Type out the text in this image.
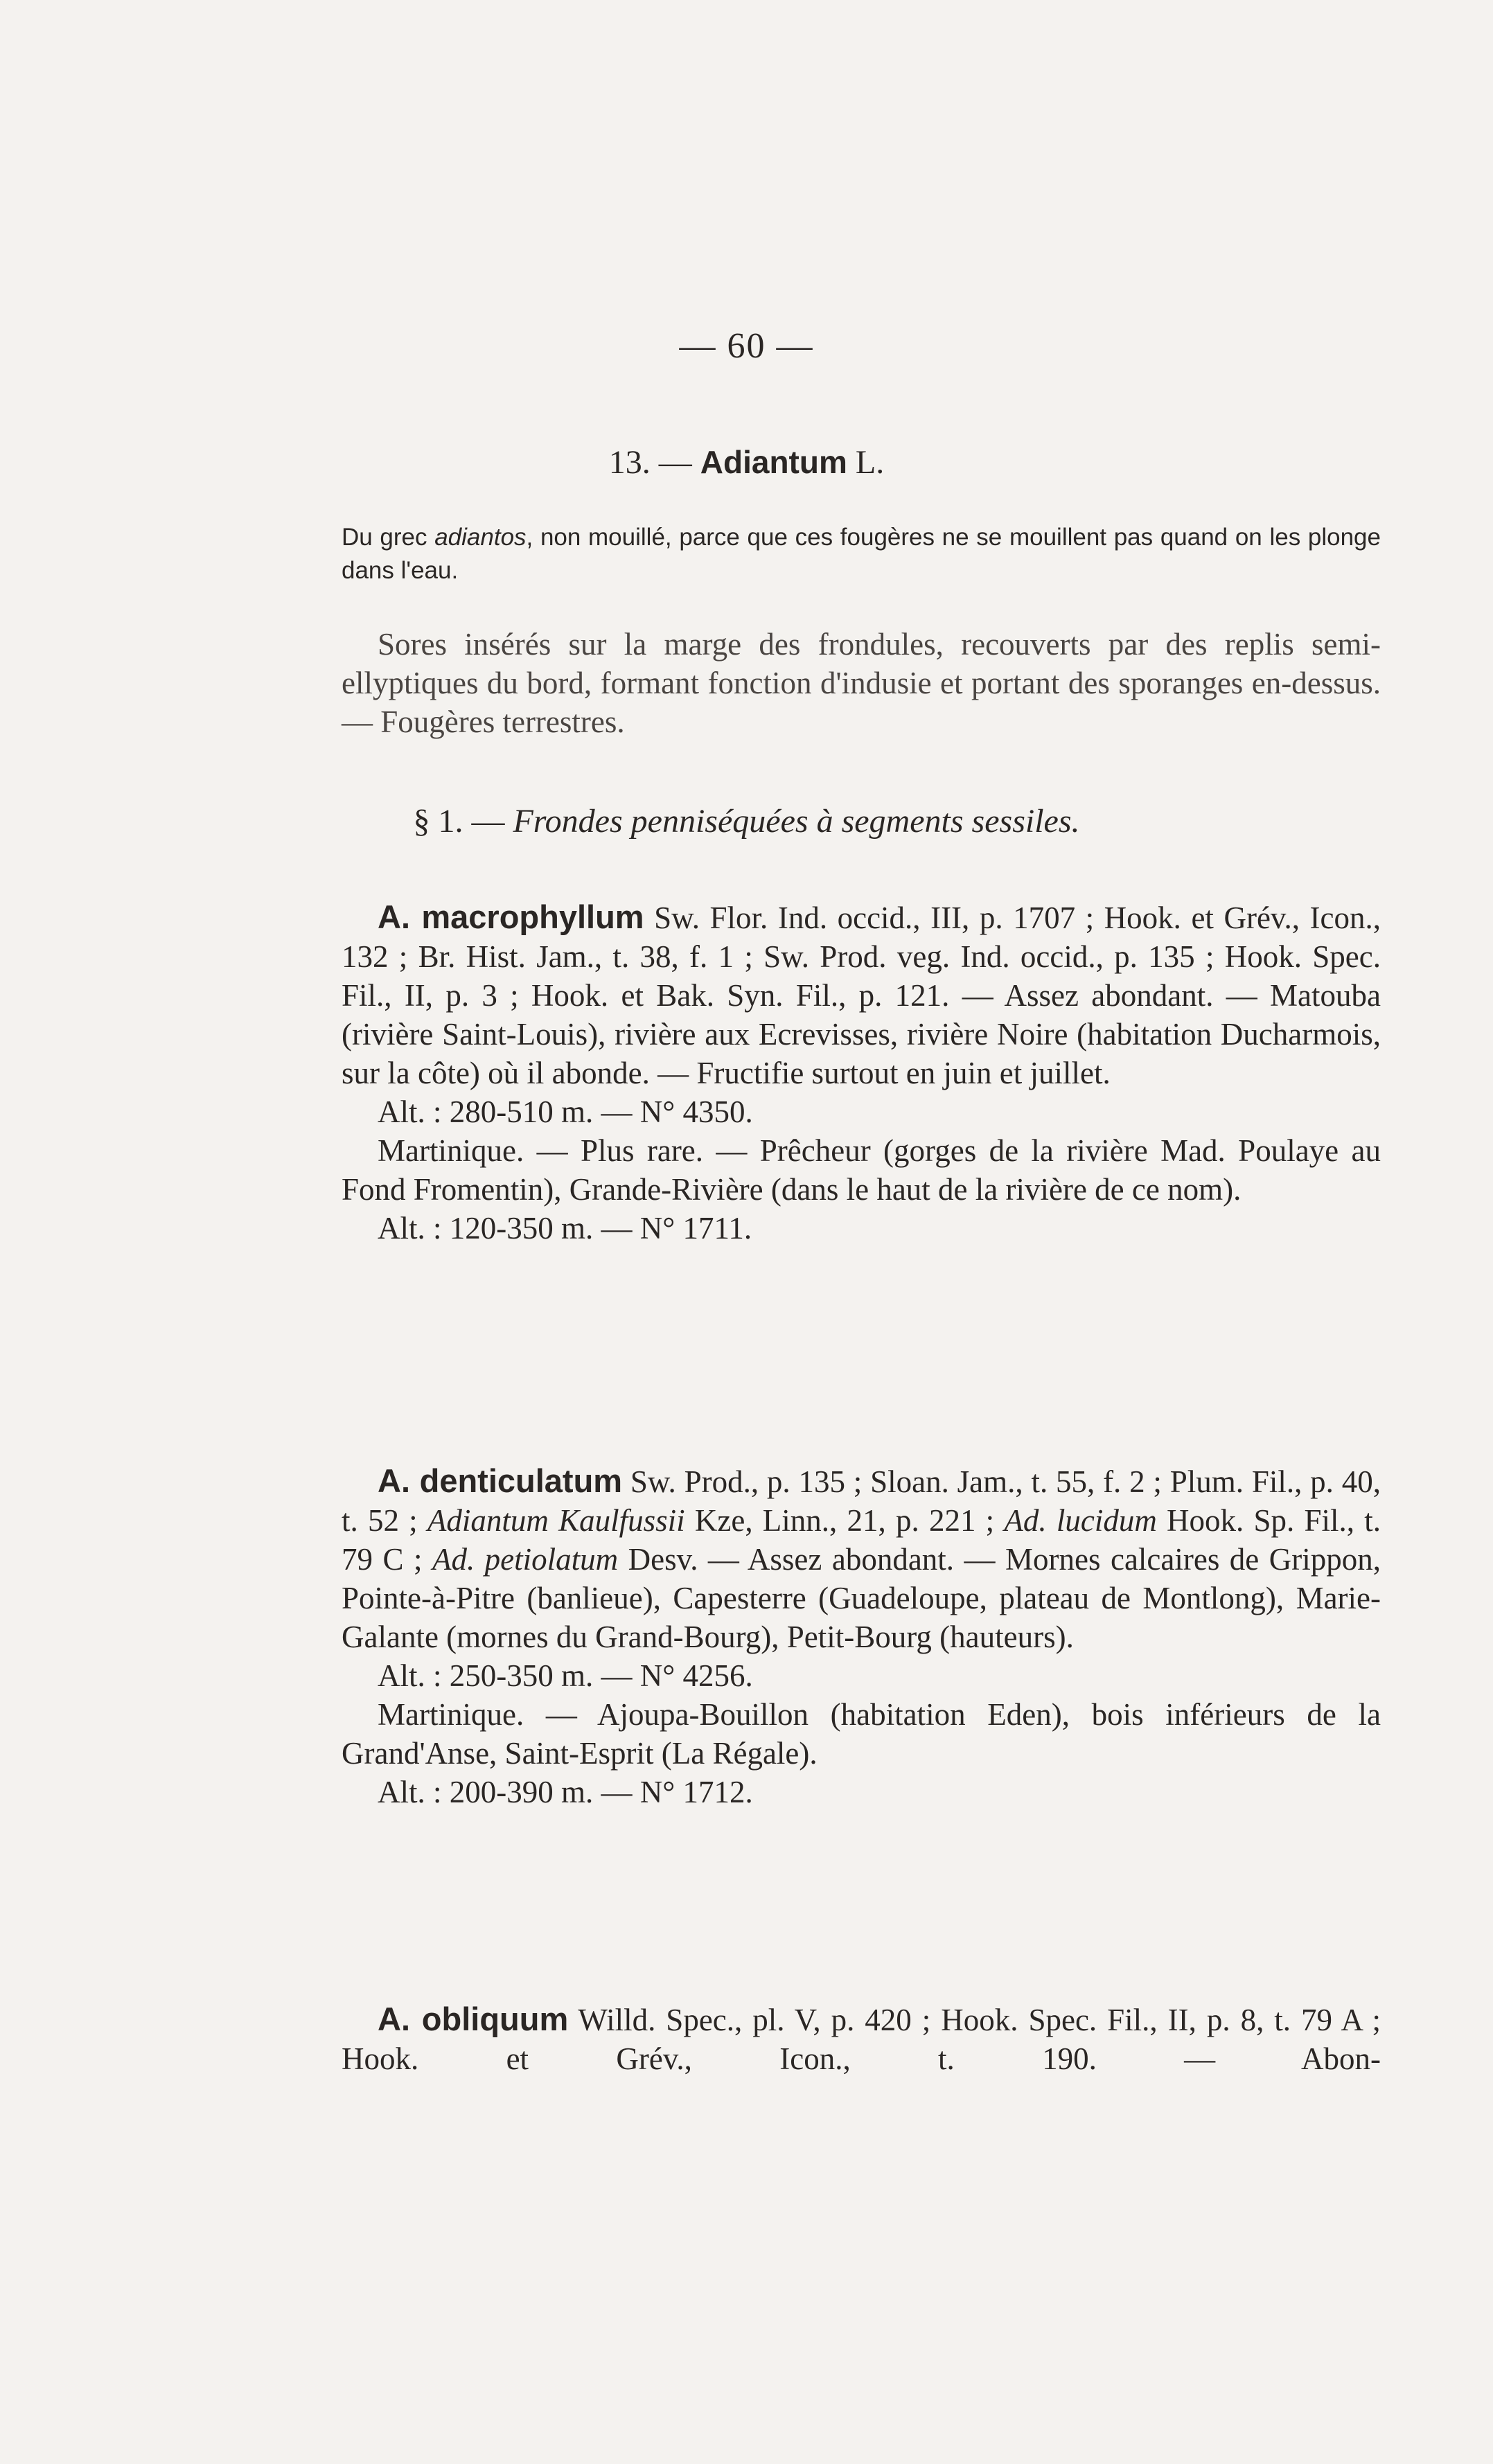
— 60 —
13. — Adiantum L.

Du grec adiantos, non mouillé, parce que ces fougères ne se mouillent pas quand on les plonge dans l'eau.

Sores insérés sur la marge des frondules, recouverts par des replis semi-ellyptiques du bord, formant fonction d'indusie et portant des sporanges en-dessus. — Fougères terrestres.

§ 1. — Frondes penniséquées à segments sessiles.

A. macrophyllum Sw. Flor. Ind. occid., III, p. 1707 ; Hook. et Grév., Icon., 132 ; Br. Hist. Jam., t. 38, f. 1 ; Sw. Prod. veg. Ind. occid., p. 135 ; Hook. Spec. Fil., II, p. 3 ; Hook. et Bak. Syn. Fil., p. 121. — Assez abondant. — Matouba (rivière Saint-Louis), rivière aux Ecrevisses, rivière Noire (habitation Ducharmois, sur la côte) où il abonde. — Fructifie surtout en juin et juillet.

Alt. : 280-510 m. — N° 4350.

Martinique. — Plus rare. — Prêcheur (gorges de la rivière Mad. Poulaye au Fond Fromentin), Grande-Rivière (dans le haut de la rivière de ce nom).

Alt. : 120-350 m. — N° 1711.

A. denticulatum Sw. Prod., p. 135 ; Sloan. Jam., t. 55, f. 2 ; Plum. Fil., p. 40, t. 52 ; Adiantum Kaulfussii Kze, Linn., 21, p. 221 ; Ad. lucidum Hook. Sp. Fil., t. 79 C ; Ad. petiolatum Desv. — Assez abondant. — Mornes calcaires de Grippon, Pointe-à-Pitre (banlieue), Capesterre (Guadeloupe, plateau de Montlong), Marie-Galante (mornes du Grand-Bourg), Petit-Bourg (hauteurs).

Alt. : 250-350 m. — N° 4256.

Martinique. — Ajoupa-Bouillon (habitation Eden), bois inférieurs de la Grand'Anse, Saint-Esprit (La Régale).

Alt. : 200-390 m. — N° 1712.

A. obliquum Willd. Spec., pl. V, p. 420 ; Hook. Spec. Fil., II, p. 8, t. 79 A ; Hook. et Grév., Icon., t. 190. — Abon-
